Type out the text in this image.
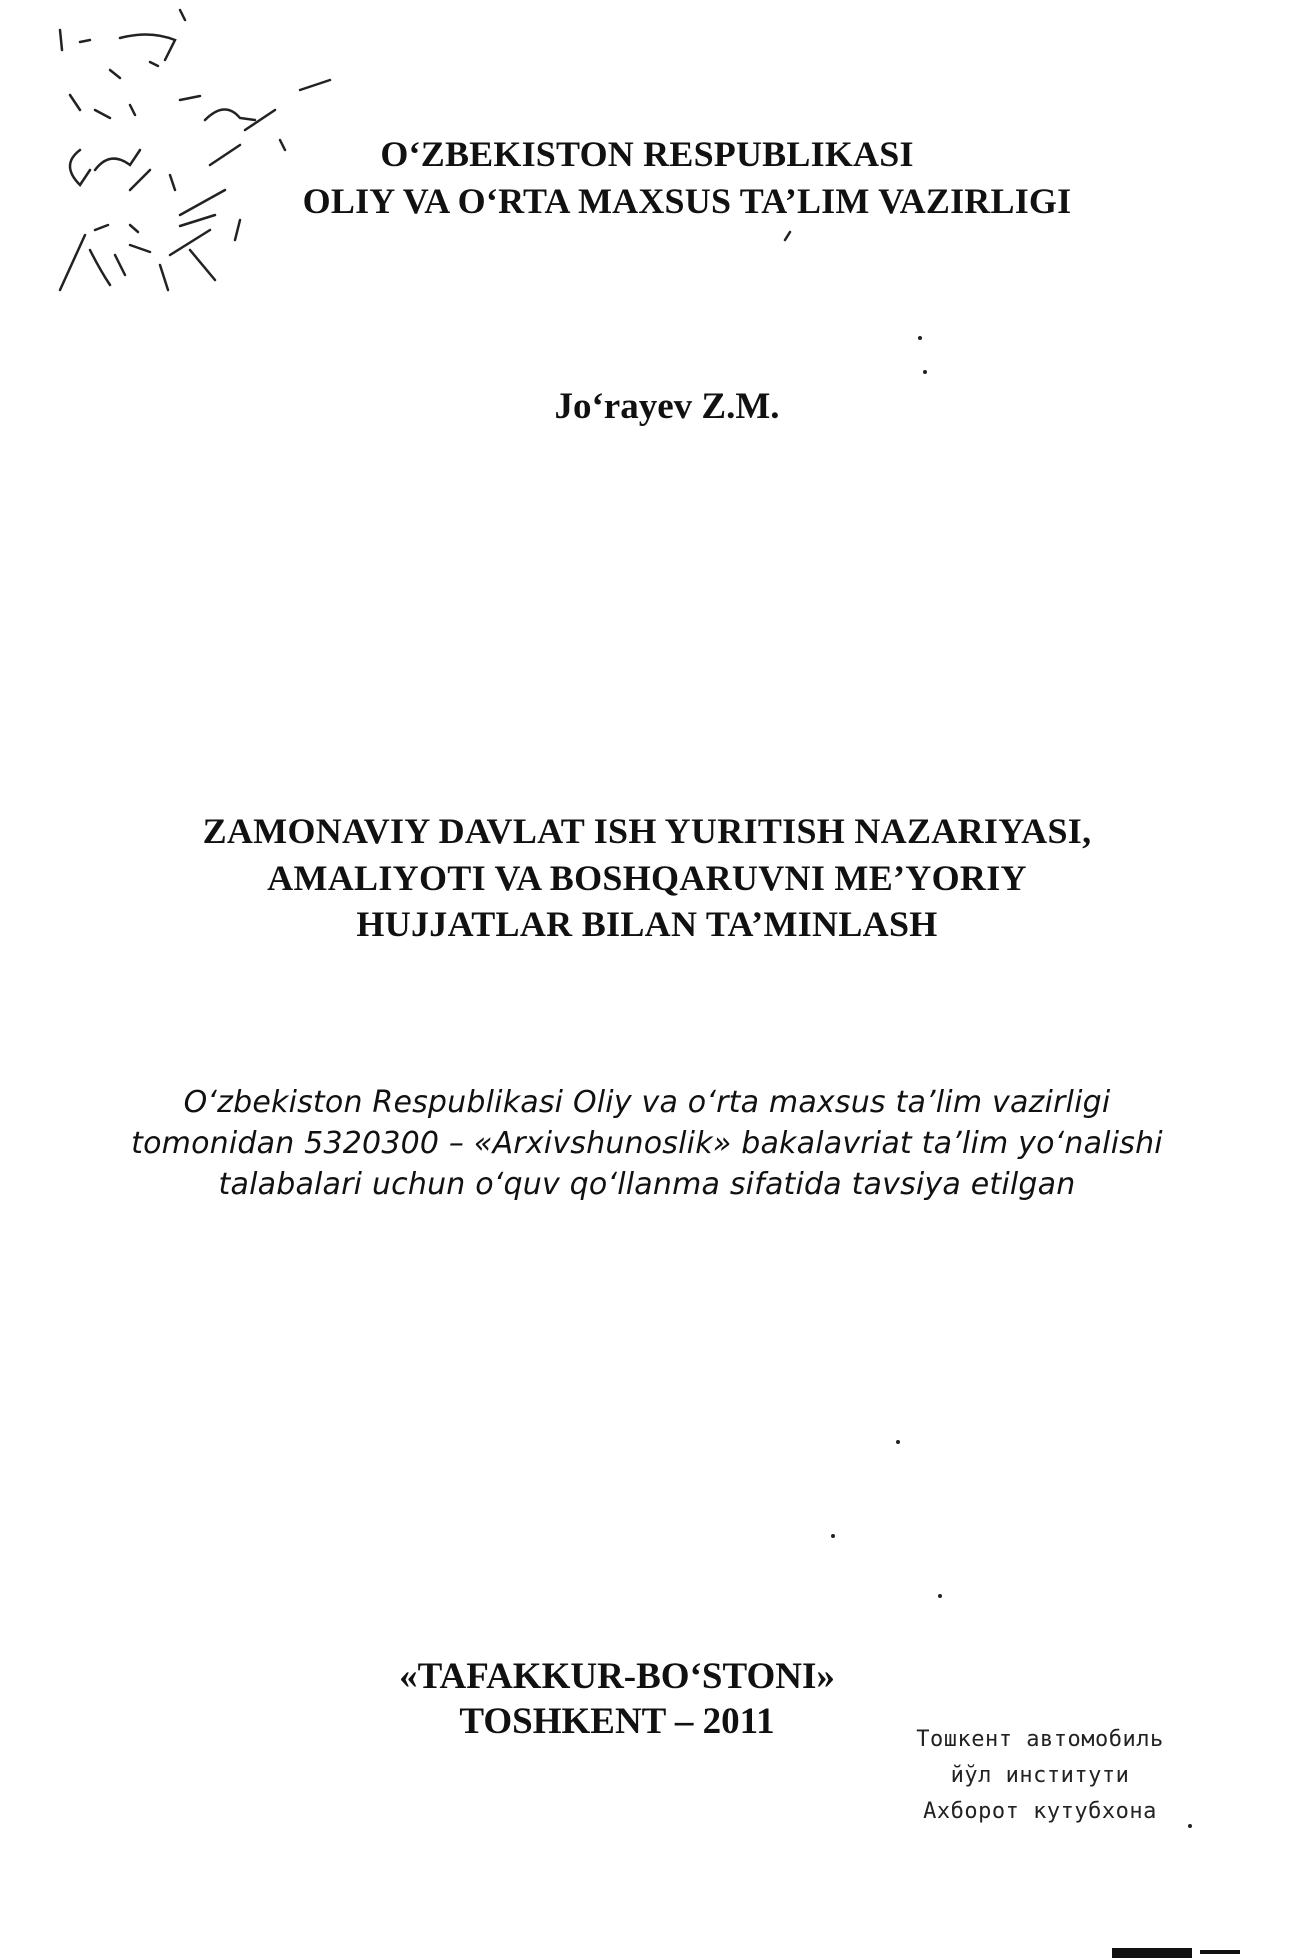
O‘ZBEKISTON RESPUBLIKASI

OLIY VA O‘RTA MAXSUS TA’LIM VAZIRLIGI

Jo‘rayev Z.M.

ZAMONAVIY DAVLAT ISH YURITISH NAZARIYASI,
AMALIYOTI VA BOSHQARUVNI ME’YORIY
HUJJATLAR BILAN TA’MINLASH

O‘zbekiston Respublikasi Oliy va o‘rta maxsus ta’lim vazirligi

tomonidan 5320300 – «Arxivshunoslik» bakalavriat ta’lim yo‘nalishi

talabalari uchun o‘quv qo‘llanma sifatida tavsiya etilgan

«TAFAKKUR-BO‘STONI»

TOSHKENT – 2011	Тошкент автомобиль
йўл институти
Ахборот кутубхона
